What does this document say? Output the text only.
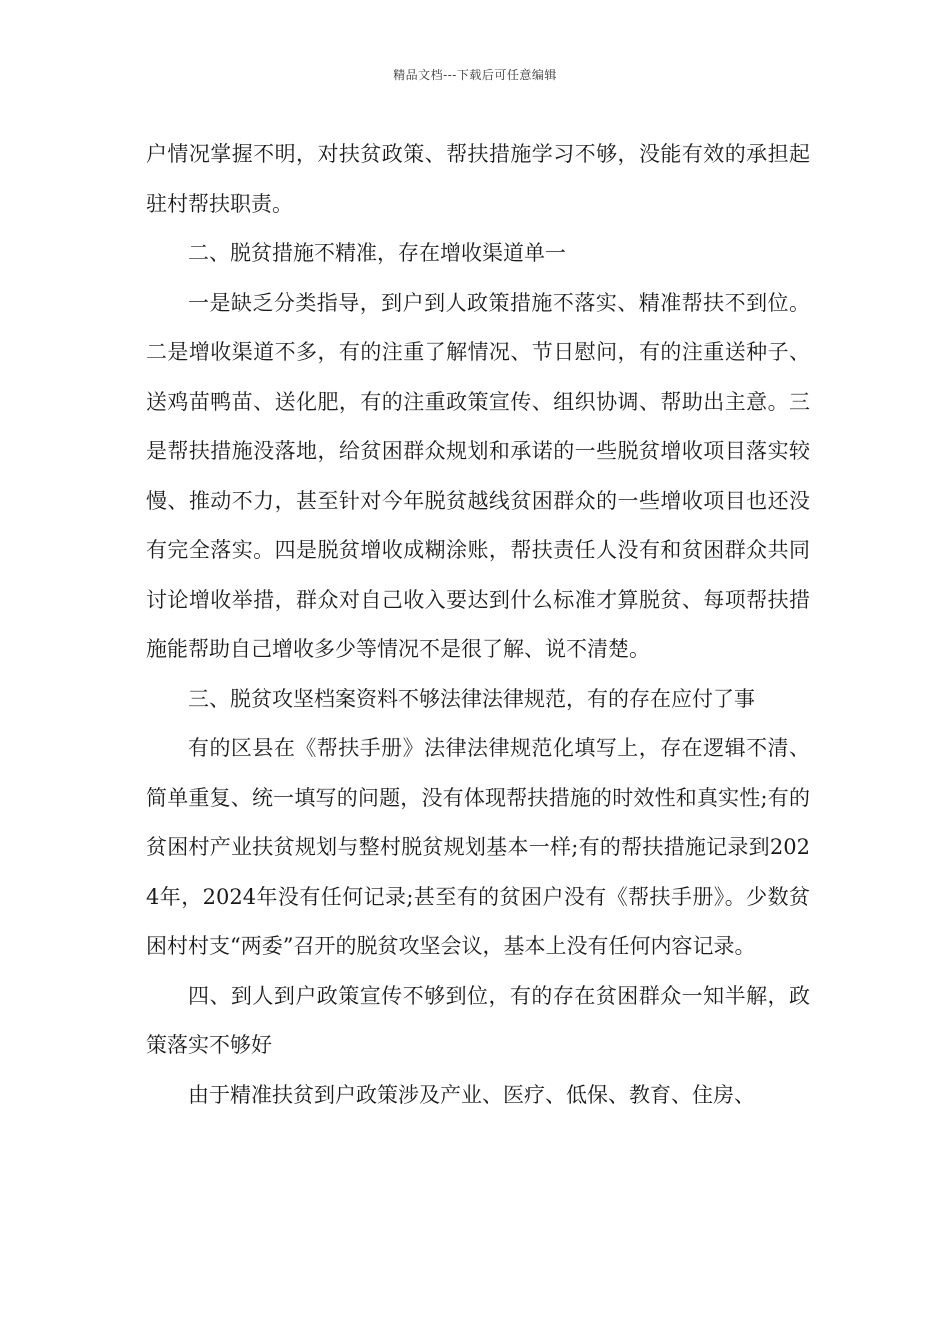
精品文档---下载后可任意编辑

户情况掌握不明，对扶贫政策、帮扶措施学习不够，没能有效的承担起驻村帮扶职责。

二、脱贫措施不精准，存在增收渠道单一

一是缺乏分类指导，到户到人政策措施不落实、精准帮扶不到位。二是增收渠道不多，有的注重了解情况、节日慰问，有的注重送种子、送鸡苗鸭苗、送化肥，有的注重政策宣传、组织协调、帮助出主意。三是帮扶措施没落地，给贫困群众规划和承诺的一些脱贫增收项目落实较慢、推动不力，甚至针对今年脱贫越线贫困群众的一些增收项目也还没有完全落实。四是脱贫增收成糊涂账，帮扶责任人没有和贫困群众共同讨论增收举措，群众对自己收入要达到什么标准才算脱贫、每项帮扶措施能帮助自己增收多少等情况不是很了解、说不清楚。

三、脱贫攻坚档案资料不够法律法律规范，有的存在应付了事

有的区县在《帮扶手册》法律法律规范化填写上，存在逻辑不清、简单重复、统一填写的问题，没有体现帮扶措施的时效性和真实性;有的贫困村产业扶贫规划与整村脱贫规划基本一样;有的帮扶措施记录到2024年，2024年没有任何记录;甚至有的贫困户没有《帮扶手册》。少数贫困村村支“两委”召开的脱贫攻坚会议，基本上没有任何内容记录。

四、到人到户政策宣传不够到位，有的存在贫困群众一知半解，政策落实不够好

由于精准扶贫到户政策涉及产业、医疗、低保、教育、住房、
